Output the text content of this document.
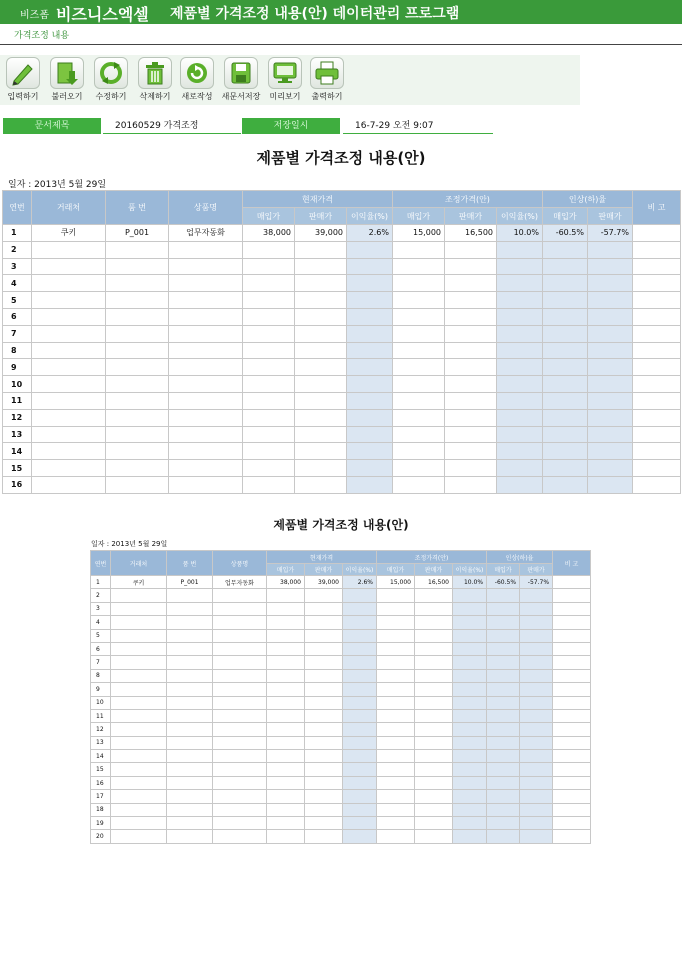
비즈폼 비즈니스엑셀 제품별 가격조정 내용(안) 데이터관리 프로그램
가격조정 내용
입력하기	불러오기	수정하기	삭제하기	새로작성	새문서저장	미리보기	출력하기
문서제목	20160529 가격조정	저장일시	16-7-29 오전 9:07
제품별 가격조정 내용(안)
일자 : 2013년 5월 29일
연번	거래처	품 번	상품명	현재가격			조정가격(안)			인상(하)율		비 고
				매입가	판매가	이익율(%)	매입가	판매가	이익율(%)	매입가	판매가	
1	쿠키	P_001	업무자동화	38,000	39,000	2.6%	15,000	16,500	10.0%	-60.5%	-57.7%	
2												
3												
4												
5												
6												
7												
8												
9												
10												
11												
12												
13												
14												
15												
16												
제품별 가격조정 내용(안)
일자 : 2013년 5월 29일
연번	거래처	품 번	상품명	현재가격			조정가격(안)			인상(하)율		비 고
				매입가	판매가	이익율(%)	매입가	판매가	이익율(%)	매입가	판매가	
1	쿠키	P_001	업무자동화	38,000	39,000	2.6%	15,000	16,500	10.0%	-60.5%	-57.7%	
2												
3												
4												
5												
6												
7												
8												
9												
10												
11												
12												
13												
14												
15												
16												
17												
18												
19												
20												
